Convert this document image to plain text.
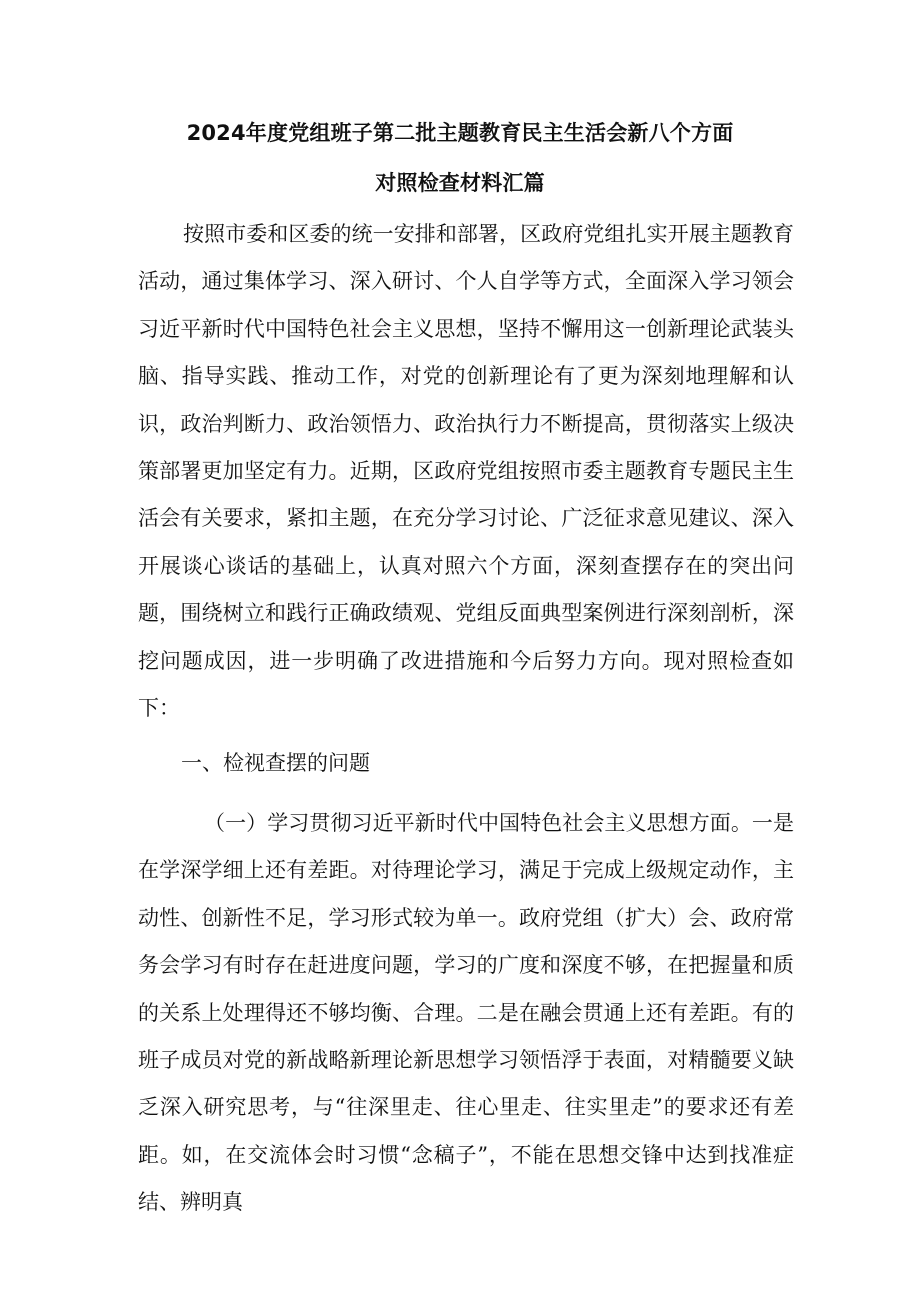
2024年度党组班子第二批主题教育民主生活会新八个方面
对照检查材料汇篇
按照市委和区委的统一安排和部署，区政府党组扎实开展主题教育活动，通过集体学习、深入研讨、个人自学等方式，全面深入学习领会习近平新时代中国特色社会主义思想，坚持不懈用这一创新理论武装头脑、指导实践、推动工作，对党的创新理论有了更为深刻地理解和认识，政治判断力、政治领悟力、政治执行力不断提高，贯彻落实上级决策部署更加坚定有力。近期，区政府党组按照市委主题教育专题民主生活会有关要求，紧扣主题，在充分学习讨论、广泛征求意见建议、深入开展谈心谈话的基础上，认真对照六个方面，深刻查摆存在的突出问题，围绕树立和践行正确政绩观、党组反面典型案例进行深刻剖析，深挖问题成因，进一步明确了改进措施和今后努力方向。现对照检查如下：
一、检视查摆的问题
（一）学习贯彻习近平新时代中国特色社会主义思想方面。一是在学深学细上还有差距。对待理论学习，满足于完成上级规定动作，主动性、创新性不足，学习形式较为单一。政府党组（扩大）会、政府常务会学习有时存在赶进度问题，学习的广度和深度不够，在把握量和质的关系上处理得还不够均衡、合理。二是在融会贯通上还有差距。有的班子成员对党的新战略新理论新思想学习领悟浮于表面，对精髓要义缺乏深入研究思考，与“往深里走、往心里走、往实里走”的要求还有差距。如，在交流体会时习惯“念稿子”，不能在思想交锋中达到找准症结、辨明真
